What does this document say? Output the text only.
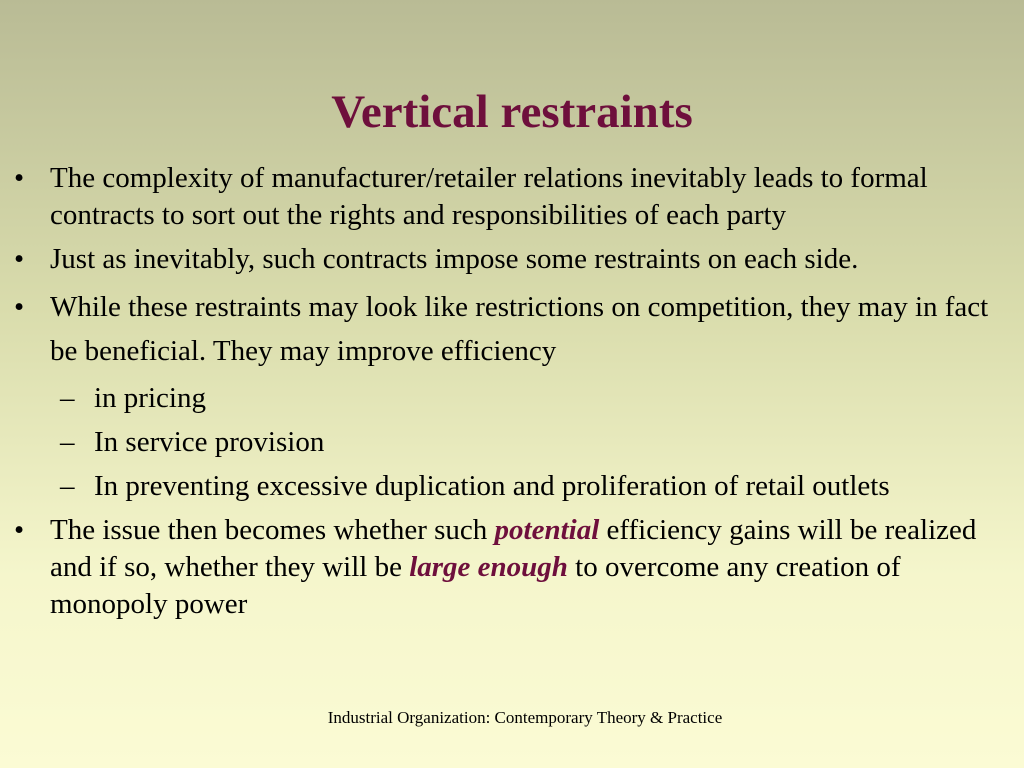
Vertical restraints
• The complexity of manufacturer/retailer relations inevitably leads to formal contracts to sort out the rights and responsibilities of each party
• Just as inevitably, such contracts impose some restraints on each side.
• While these restraints may look like restrictions on competition, they may in fact be beneficial. They may improve efficiency
– in pricing
– In service provision
– In preventing excessive duplication and proliferation of retail outlets
• The issue then becomes whether such potential efficiency gains will be realized and if so, whether they will be large enough to overcome any creation of monopoly power
Industrial Organization: Contemporary Theory & Practice
